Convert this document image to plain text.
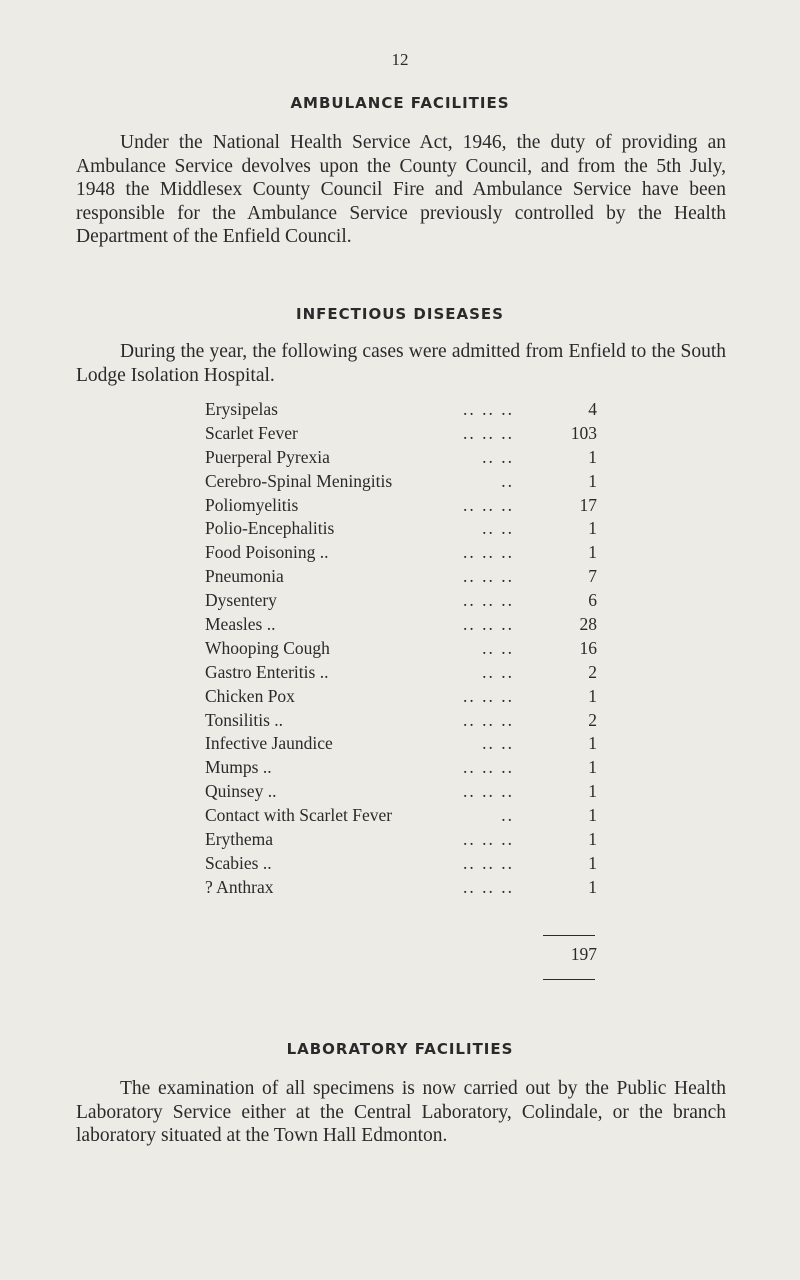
12
AMBULANCE FACILITIES

Under the National Health Service Act, 1946, the duty of providing an Ambulance Service devolves upon the County Council, and from the 5th July, 1948 the Middlesex County Council Fire and Ambulance Service have been responsible for the Ambulance Service previously controlled by the Health Department of the Enfield Council.

INFECTIOUS DISEASES

During the year, the following cases were admitted from Enfield to the South Lodge Isolation Hospital.

Erysipelas	.. .. ..	4
Scarlet Fever	.. .. ..	103
Puerperal Pyrexia	.. ..	1
Cerebro-Spinal Meningitis	..	1
Poliomyelitis	.. .. ..	17
Polio-Encephalitis	.. ..	1
Food Poisoning ..	.. .. ..	1
Pneumonia	.. .. ..	7
Dysentery	.. .. ..	6
Measles ..	.. .. ..	28
Whooping Cough	.. ..	16
Gastro Enteritis ..	.. ..	2
Chicken Pox	.. .. ..	1
Tonsilitis ..	.. .. ..	2
Infective Jaundice	.. ..	1
Mumps ..	.. .. ..	1
Quinsey ..	.. .. ..	1
Contact with Scarlet Fever	..	1
Erythema	.. .. ..	1
Scabies ..	.. .. ..	1
? Anthrax	.. .. ..	1
197
LABORATORY FACILITIES

The examination of all specimens is now carried out by the Public Health Laboratory Service either at the Central Laboratory, Colindale, or the branch laboratory situated at the Town Hall Edmonton.
